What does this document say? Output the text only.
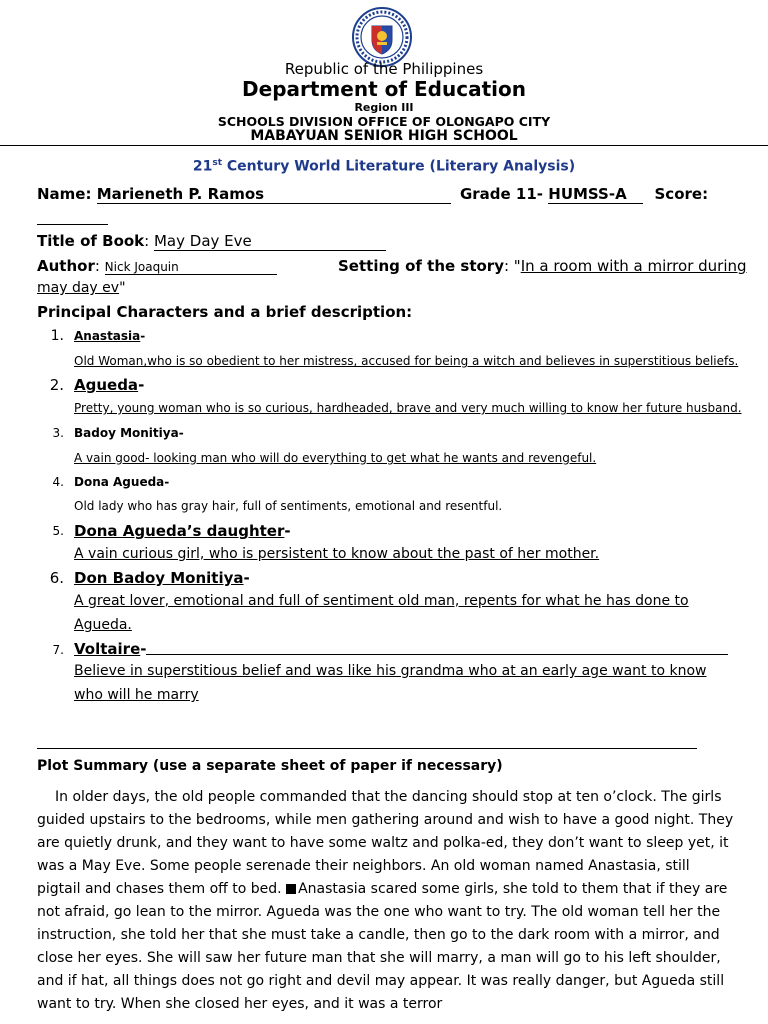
Republic of the Philippines
Department of Education
Region III
SCHOOLS DIVISION OFFICE OF OLONGAPO CITY
MABAYUAN SENIOR HIGH SCHOOL
21st Century World Literature (Literary Analysis)
Name: Marieneth P. Ramos	Grade 11- HUMSS-A Score:
Title of Book: May Day Eve
Author: Nick Joaquin	Setting of the story: "In a room with a mirror during
may day ev"
Principal Characters and a brief description:
1. Anastasia-
Old Woman,who is so obedient to her mistress, accused for being a witch and believes in superstitious beliefs.
2. Agueda-
Pretty, young woman who is so curious, hardheaded, brave and very much willing to know her future husband.
3. Badoy Monitiya-
A vain good- looking man who will do everything to get what he wants and revengeful.
4. Dona Agueda-
Old lady who has gray hair, full of sentiments, emotional and resentful.
5. Dona Agueda’s daughter-
A vain curious girl, who is persistent to know about the past of her mother.
6. Don Badoy Monitiya-
A great lover, emotional and full of sentiment old man, repents for what he has done to
Agueda.
7. Voltaire-
Believe in superstitious belief and was like his grandma who at an early age want to know
who will he marry
Plot Summary (use a separate sheet of paper if necessary)
In older days, the old people commanded that the dancing should stop at ten o’clock. The girls guided upstairs to the bedrooms, while men gathering around and wish to have a good night. They are quietly drunk, and they want to have some waltz and polka-ed, they don’t want to sleep yet, it was a May Eve. Some people serenade their neighbors. An old woman named Anastasia, still pigtail and chases them off to bed. Anastasia scared some girls, she told to them that if they are not afraid, go lean to the mirror. Agueda was the one who want to try. The old woman tell her the instruction, she told her that she must take a candle, then go to the dark room with a mirror, and close her eyes. She will saw her future man that she will marry, a man will go to his left shoulder, and if hat, all things does not go right and devil may appear. It was really danger, but Agueda still want to try. When she closed her eyes, and it was a terror
